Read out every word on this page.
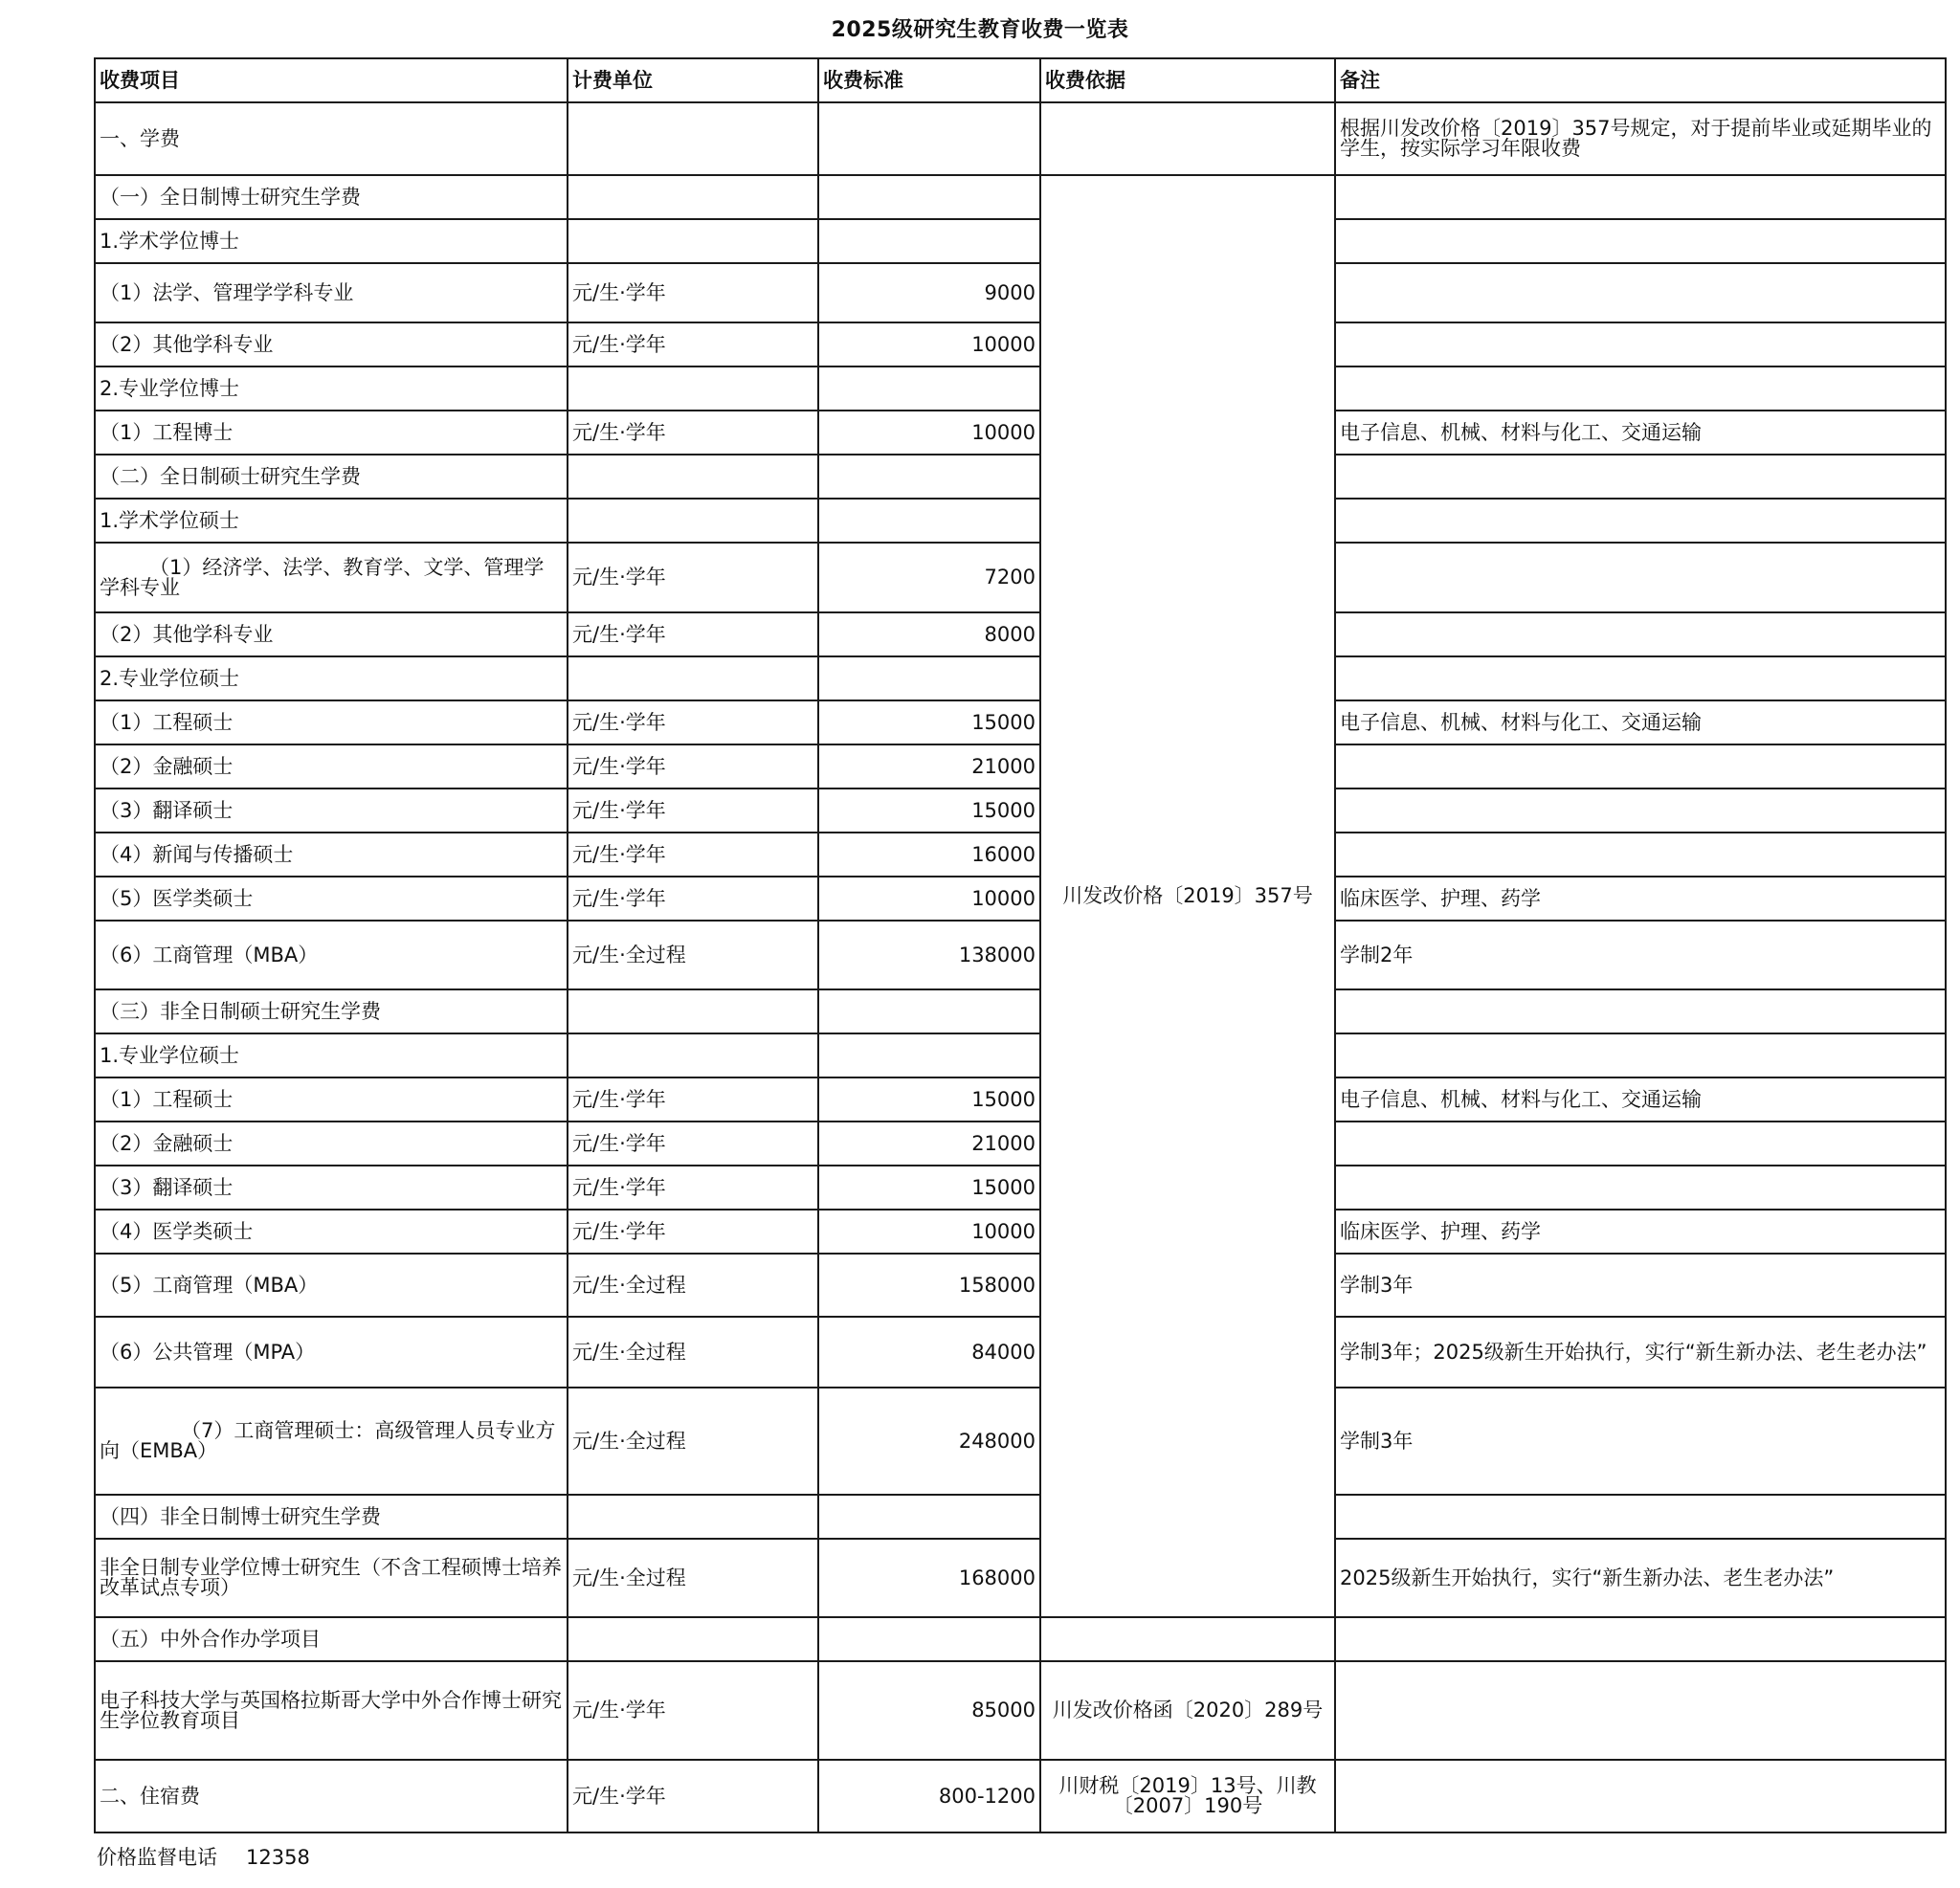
2025级研究生教育收费一览表
收费项目	计费单位	收费标准	收费依据	备注
一、学费				根据川发改价格〔2019〕357号规定，对于提前毕业或延期毕业的学生，按实际学习年限收费
（一）全日制博士研究生学费			川发改价格〔2019〕357号	
1.学术学位博士				
（1）法学、管理学学科专业	元/生·学年	9000		
（2）其他学科专业	元/生·学年	10000		
2.专业学位博士				
（1）工程博士	元/生·学年	10000		电子信息、机械、材料与化工、交通运输
（二）全日制硕士研究生学费				
1.学术学位硕士				
（1）经济学、法学、教育学、文学、管理学学科专业	元/生·学年	7200		
（2）其他学科专业	元/生·学年	8000		
2.专业学位硕士				
（1）工程硕士	元/生·学年	15000		电子信息、机械、材料与化工、交通运输
（2）金融硕士	元/生·学年	21000		
（3）翻译硕士	元/生·学年	15000		
（4）新闻与传播硕士	元/生·学年	16000		
（5）医学类硕士	元/生·学年	10000		临床医学、护理、药学
（6）工商管理（MBA）	元/生·全过程	138000		学制2年
（三）非全日制硕士研究生学费				
1.专业学位硕士				
（1）工程硕士	元/生·学年	15000		电子信息、机械、材料与化工、交通运输
（2）金融硕士	元/生·学年	21000		
（3）翻译硕士	元/生·学年	15000		
（4）医学类硕士	元/生·学年	10000		临床医学、护理、药学
（5）工商管理（MBA）	元/生·全过程	158000		学制3年
（6）公共管理（MPA）	元/生·全过程	84000		学制3年；2025级新生开始执行，实行“新生新办法、老生老办法”
（7）工商管理硕士：高级管理人员专业方向（EMBA）	元/生·全过程	248000		学制3年
（四）非全日制博士研究生学费				
非全日制专业学位博士研究生（不含工程硕博士培养改革试点专项）	元/生·全过程	168000		2025级新生开始执行，实行“新生新办法、老生老办法”
（五）中外合作办学项目				
电子科技大学与英国格拉斯哥大学中外合作博士研究生学位教育项目	元/生·学年	85000	川发改价格函〔2020〕289号	
二、住宿费	元/生·学年	800-1200	川财税〔2019〕13号、川教〔2007〕190号	
价格监督电话 12358
